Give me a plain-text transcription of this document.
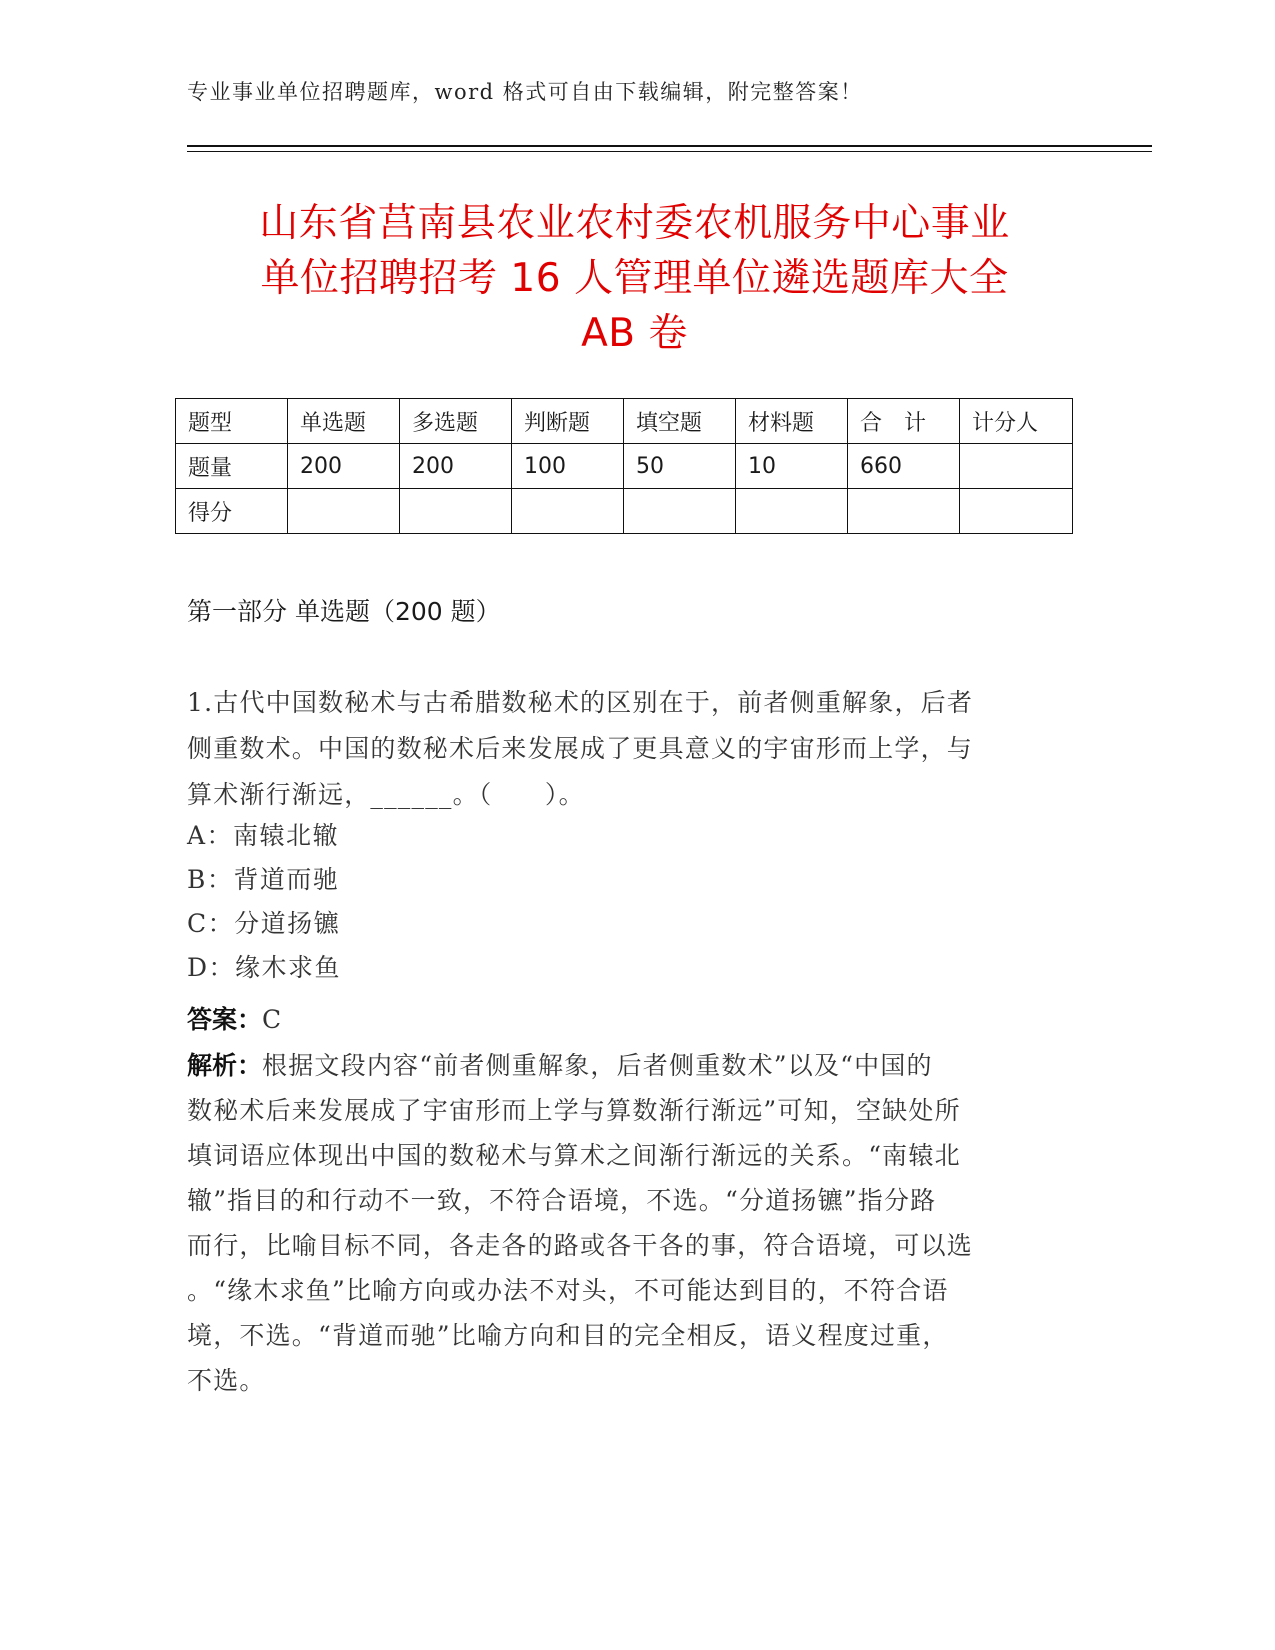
专业事业单位招聘题库，word 格式可自由下载编辑，附完整答案！
山东省莒南县农业农村委农机服务中心事业
单位招聘招考 16 人管理单位遴选题库大全
AB 卷
题型	单选题	多选题	判断题	填空题	材料题	合　计	计分人
题量	200	200	100	50	10	660	
得分							
第一部分 单选题（200 题）
1.古代中国数秘术与古希腊数秘术的区别在于，前者侧重解象，后者
侧重数术。中国的数秘术后来发展成了更具意义的宇宙形而上学，与
算术渐行渐远，______。（　　）。
A：南辕北辙
B：背道而驰
C：分道扬镳
D：缘木求鱼
答案：C
解析：根据文段内容“前者侧重解象，后者侧重数术”以及“中国的
数秘术后来发展成了宇宙形而上学与算数渐行渐远”可知，空缺处所
填词语应体现出中国的数秘术与算术之间渐行渐远的关系。“南辕北
辙”指目的和行动不一致，不符合语境，不选。“分道扬镳”指分路
而行，比喻目标不同，各走各的路或各干各的事，符合语境，可以选
。“缘木求鱼”比喻方向或办法不对头，不可能达到目的，不符合语
境，不选。“背道而驰”比喻方向和目的完全相反，语义程度过重，
不选。
